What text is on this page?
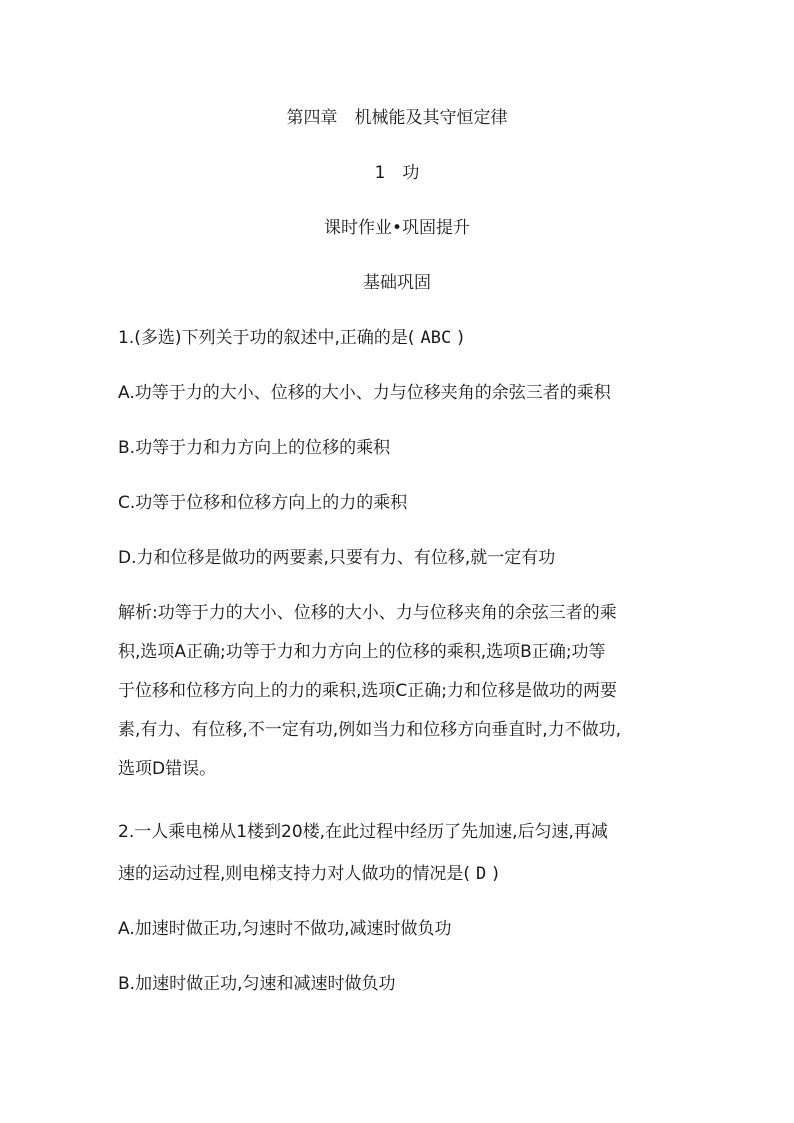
第四章　机械能及其守恒定律
1　功
课时作业•巩固提升
基础巩固
1.(多选)下列关于功的叙述中,正确的是( ABC )
A.功等于力的大小、位移的大小、力与位移夹角的余弦三者的乘积
B.功等于力和力方向上的位移的乘积
C.功等于位移和位移方向上的力的乘积
D.力和位移是做功的两要素,只要有力、有位移,就一定有功
解析:功等于力的大小、位移的大小、力与位移夹角的余弦三者的乘
积,选项A正确;功等于力和力方向上的位移的乘积,选项B正确;功等
于位移和位移方向上的力的乘积,选项C正确;力和位移是做功的两要
素,有力、有位移,不一定有功,例如当力和位移方向垂直时,力不做功,
选项D错误。
2.一人乘电梯从1楼到20楼,在此过程中经历了先加速,后匀速,再减
速的运动过程,则电梯支持力对人做功的情况是( D )
A.加速时做正功,匀速时不做功,减速时做负功
B.加速时做正功,匀速和减速时做负功
